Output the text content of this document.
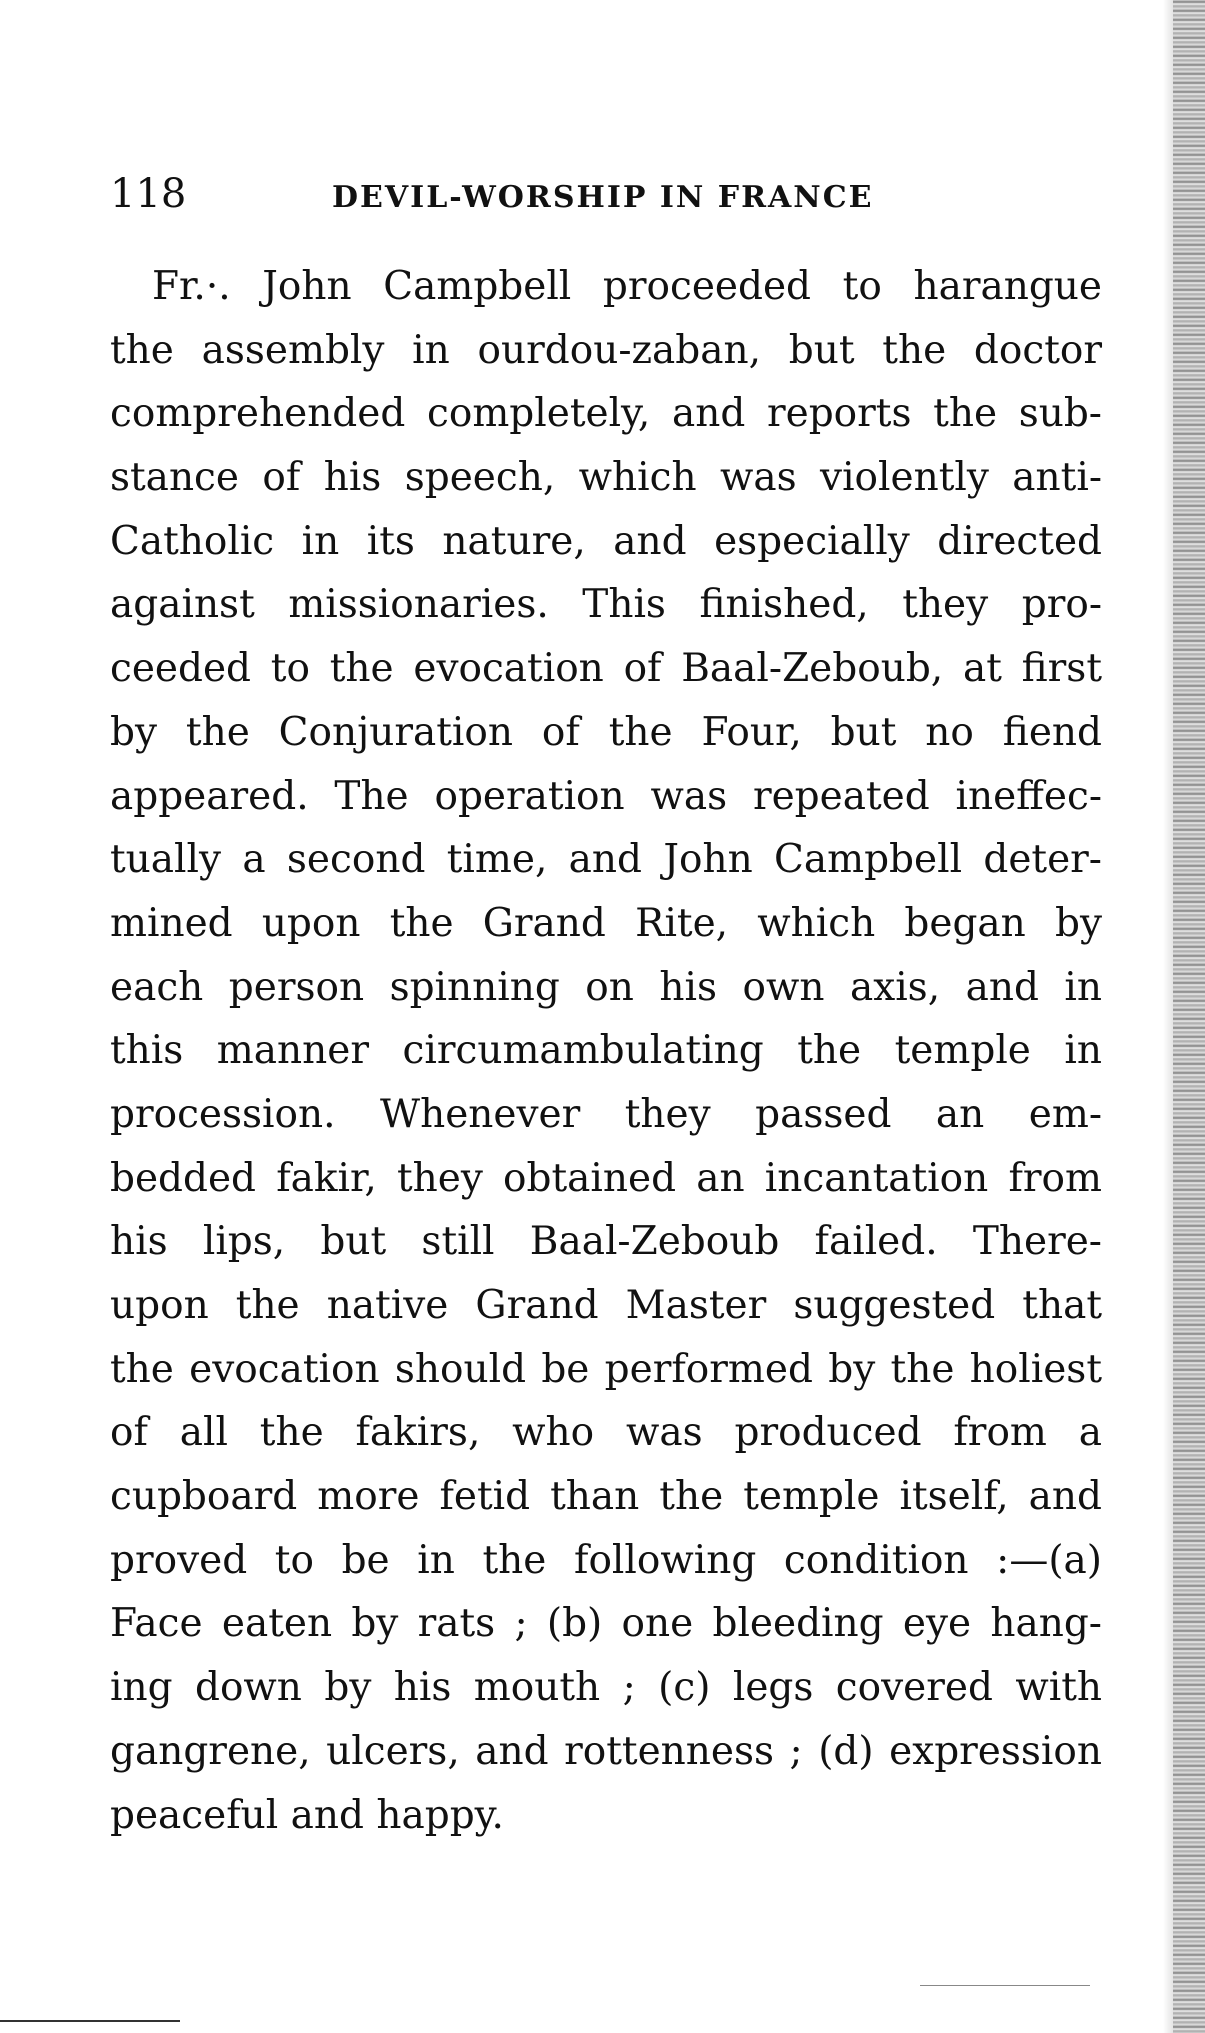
118	DEVIL-WORSHIP IN FRANCE
Fr.·. John Campbell proceeded to harangue
the assembly in ourdou-zaban, but the doctor
comprehended completely, and reports the sub-
stance of his speech, which was violently anti-
Catholic in its nature, and especially directed
against missionaries. This finished, they pro-
ceeded to the evocation of Baal-Zeboub, at first
by the Conjuration of the Four, but no fiend
appeared. The operation was repeated ineffec-
tually a second time, and John Campbell deter-
mined upon the Grand Rite, which began by
each person spinning on his own axis, and in
this manner circumambulating the temple in
procession. Whenever they passed an em-
bedded fakir, they obtained an incantation from
his lips, but still Baal-Zeboub failed. There-
upon the native Grand Master suggested that
the evocation should be performed by the holiest
of all the fakirs, who was produced from a
cupboard more fetid than the temple itself, and
proved to be in the following condition :—(a)
Face eaten by rats ; (b) one bleeding eye hang-
ing down by his mouth ; (c) legs covered with
gangrene, ulcers, and rottenness ; (d) expression
peaceful and happy.
